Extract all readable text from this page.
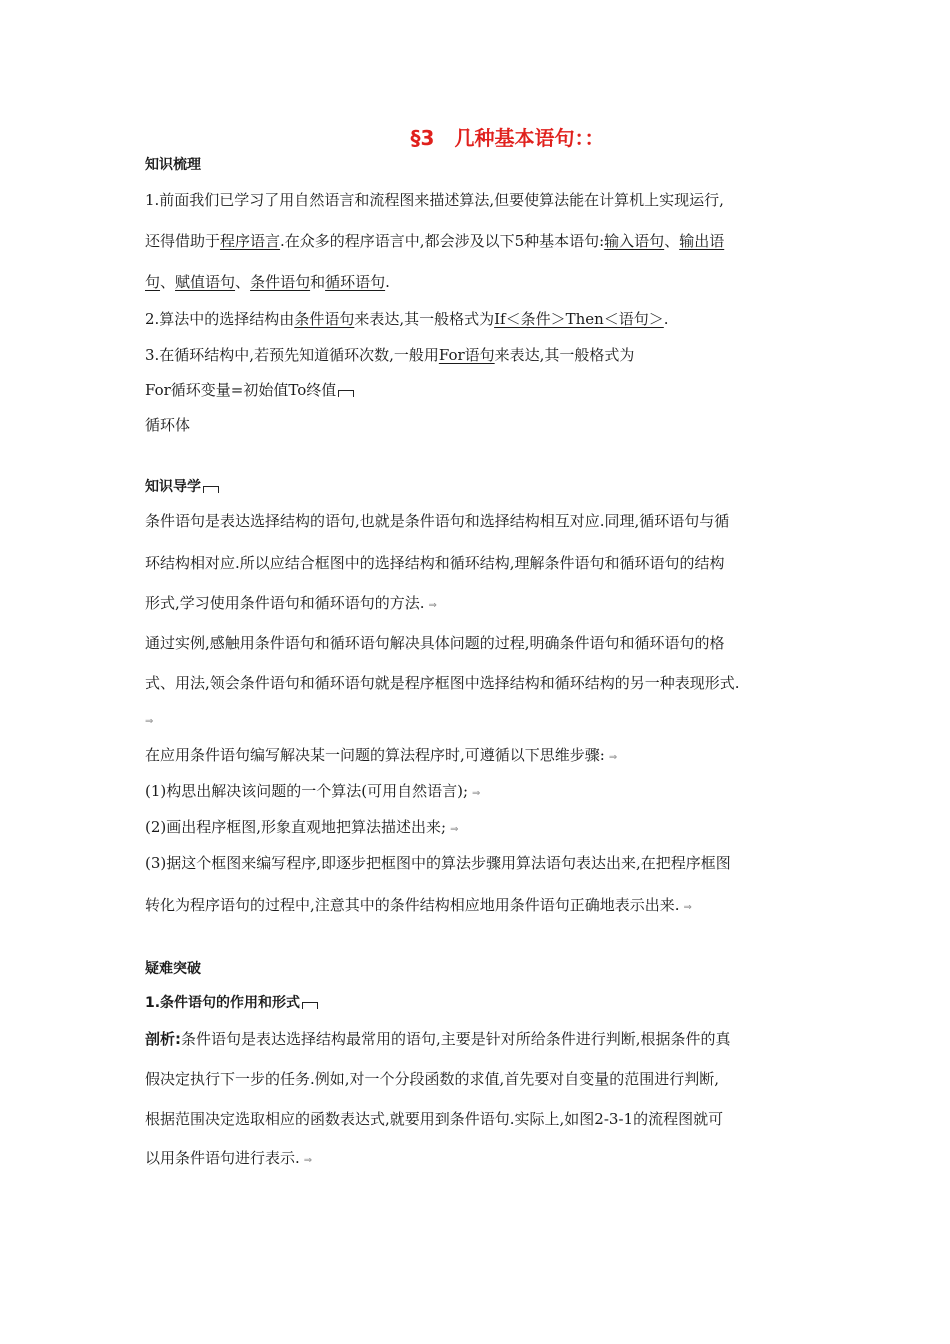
§3　几种基本语句：：
知识梳理
1.前面我们已学习了用自然语言和流程图来描述算法,但要使算法能在计算机上实现运行,
还得借助于程序语言.在众多的程序语言中,都会涉及以下5种基本语句:输入语句、输出语
句、赋值语句、条件语句和循环语句.
2.算法中的选择结构由条件语句来表达,其一般格式为If＜条件＞Then＜语句＞.
3.在循环结构中,若预先知道循环次数,一般用For语句来表达,其一般格式为
For循环变量=初始值To终值
循环体
知识导学
条件语句是表达选择结构的语句,也就是条件语句和选择结构相互对应.同理,循环语句与循
环结构相对应.所以应结合框图中的选择结构和循环结构,理解条件语句和循环语句的结构
形式,学习使用条件语句和循环语句的方法. ⇒
通过实例,感触用条件语句和循环语句解决具体问题的过程,明确条件语句和循环语句的格
式、用法,领会条件语句和循环语句就是程序框图中选择结构和循环结构的另一种表现形式.
⇒
在应用条件语句编写解决某一问题的算法程序时,可遵循以下思维步骤: ⇒
(1)构思出解决该问题的一个算法(可用自然语言); ⇒
(2)画出程序框图,形象直观地把算法描述出来; ⇒
(3)据这个框图来编写程序,即逐步把框图中的算法步骤用算法语句表达出来,在把程序框图
转化为程序语句的过程中,注意其中的条件结构相应地用条件语句正确地表示出来. ⇒
疑难突破
1.条件语句的作用和形式
剖析:条件语句是表达选择结构最常用的语句,主要是针对所给条件进行判断,根据条件的真
假决定执行下一步的任务.例如,对一个分段函数的求值,首先要对自变量的范围进行判断,
根据范围决定选取相应的函数表达式,就要用到条件语句.实际上,如图2-3-1的流程图就可
以用条件语句进行表示. ⇒
